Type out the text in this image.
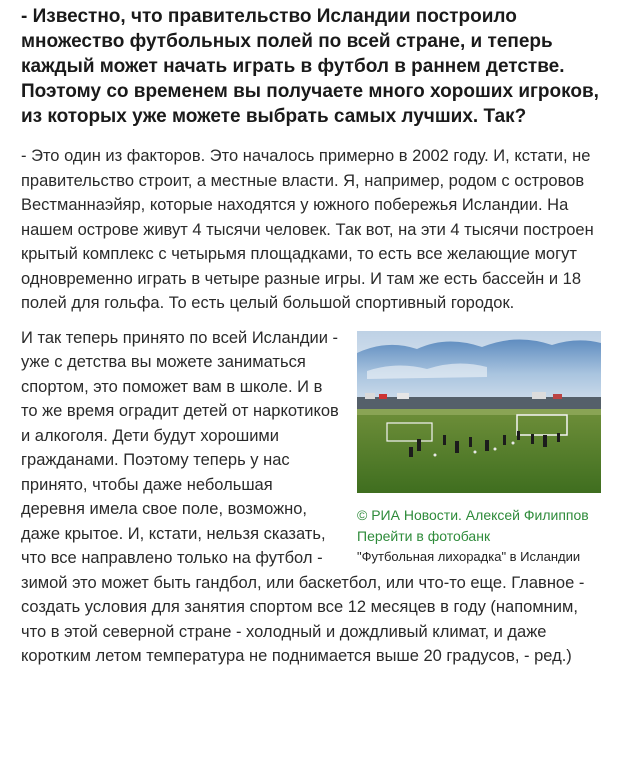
- Известно, что правительство Исландии построило множество футбольных полей по всей стране, и теперь каждый может начать играть в футбол в раннем детстве. Поэтому со временем вы получаете много хороших игроков, из которых уже можете выбрать самых лучших. Так?

- Это один из факторов. Это началось примерно в 2002 году. И, кстати, не правительство строит, а местные власти. Я, например, родом с островов Вестманнаэйяр, которые находятся у южного побережья Исландии. На нашем острове живут 4 тысячи человек. Так вот, на эти 4 тысячи построен крытый комплекс с четырьмя площадками, то есть все желающие могут одновременно играть в четыре разные игры. И там же есть бассейн и 18 полей для гольфа. То есть целый большой спортивный городок.

© РИА Новости. Алексей Филиппов Перейти в фотобанк
"Футбольная лихорадка" в Исландии

И так теперь принято по всей Исландии - уже с детства вы можете заниматься спортом, это поможет вам в школе. И в то же время оградит детей от наркотиков и алкоголя. Дети будут хорошими гражданами. Поэтому теперь у нас принято, чтобы даже небольшая деревня имела свое поле, возможно, даже крытое. И, кстати, нельзя сказать, что все направлено только на футбол - зимой это может быть гандбол, или баскетбол, или что-то еще. Главное - создать условия для занятия спортом все 12 месяцев в году (напомним, что в этой северной стране - холодный и дождливый климат, и даже коротким летом температура не поднимается выше 20 градусов, - ред.)
